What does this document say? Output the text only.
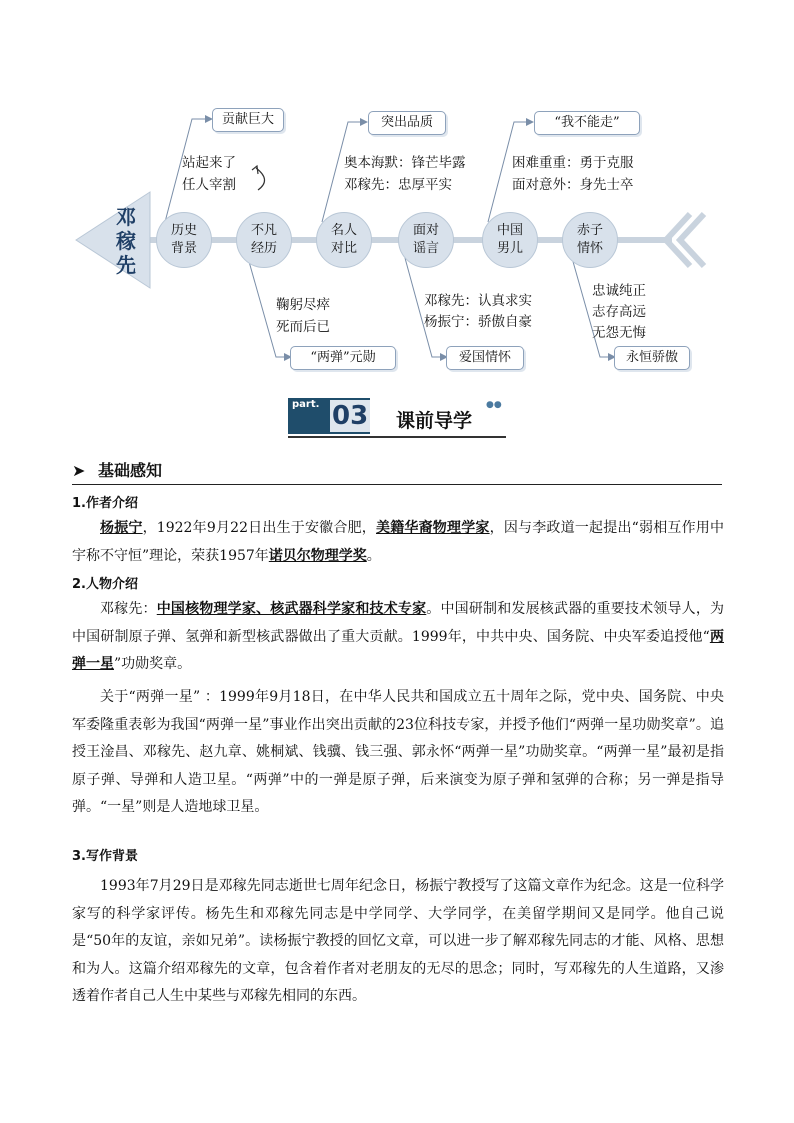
邓稼先
历史
背景
不凡
经历
名人
对比
面对
谣言
中国
男儿
赤子
情怀
贡献巨大
“两弹”元勋
突出品质
爱国情怀
“我不能走”
永恒骄傲
站起来了
任人宰割
鞠躬尽瘁
死而后已
奥本海默：锋芒毕露
邓稼先：忠厚平实
邓稼先：认真求实
杨振宁：骄傲自豪
困难重重：勇于克服
面对意外：身先士卒
忠诚纯正
志存高远
无怨无悔
part. 03 课前导学
●●
➤ 基础感知
1.作者介绍
杨振宁，1922年9月22日出生于安徽合肥，美籍华裔物理学家，因与李政道一起提出“弱相互作用中宇称不守恒”理论，荣获1957年诺贝尔物理学奖。
2.人物介绍
邓稼先：中国核物理学家、核武器科学家和技术专家。中国研制和发展核武器的重要技术领导人，为中国研制原子弹、氢弹和新型核武器做出了重大贡献。1999年，中共中央、国务院、中央军委追授他“两弹一星”功勋奖章。
关于“两弹一星” ：1999年9月18日，在中华人民共和国成立五十周年之际，党中央、国务院、中央军委隆重表彰为我国“两弹一星”事业作出突出贡献的23位科技专家，并授予他们“两弹一星功勋奖章”。追授王淦昌、邓稼先、赵九章、姚桐斌、钱骥、钱三强、郭永怀“两弹一星”功勋奖章。“两弹一星”最初是指原子弹、导弹和人造卫星。“两弹”中的一弹是原子弹，后来演变为原子弹和氢弹的合称；另一弹是指导弹。“一星”则是人造地球卫星。
3.写作背景
1993年7月29日是邓稼先同志逝世七周年纪念日，杨振宁教授写了这篇文章作为纪念。这是一位科学家写的科学家评传。杨先生和邓稼先同志是中学同学、大学同学，在美留学期间又是同学。他自己说是“50年的友谊，亲如兄弟”。读杨振宁教授的回忆文章，可以进一步了解邓稼先同志的才能、风格、思想和为人。这篇介绍邓稼先的文章，包含着作者对老朋友的无尽的思念；同时，写邓稼先的人生道路，又渗透着作者自己人生中某些与邓稼先相同的东西。
